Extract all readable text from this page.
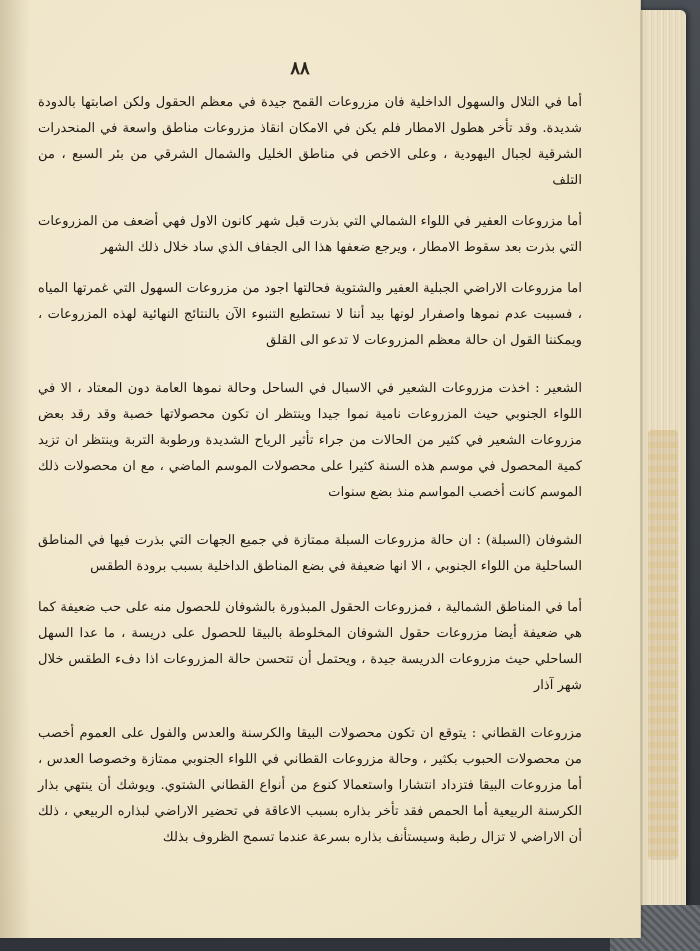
٨٨

أما في التلال والسهول الداخلية فان مزروعات القمح جيدة في معظم الحقول ولكن اصابتها بالدودة شديدة. وقد تأخر هطول الامطار فلم يكن في الامكان انقاذ مزروعات مناطق واسعة في المنحدرات الشرقية لجبال اليهودية ، وعلى الاخص في مناطق الخليل والشمال الشرقي من بئر السبع ، من التلف

أما مزروعات العفير في اللواء الشمالي التي بذرت قبل شهر كانون الاول فهي أضعف من المزروعات التي بذرت بعد سقوط الامطار ، ويرجع ضعفها هذا الى الجفاف الذي ساد خلال ذلك الشهر

اما مزروعات الاراضي الجبلية العفير والشتوية فحالتها اجود من مزروعات السهول التي غمرتها المياه ، فسببت عدم نموها واصفرار لونها بيد أننا لا نستطيع التنبوء الآن بالنتائج النهائية لهذه المزروعات ، ويمكننا القول ان حالة معظم المزروعات لا تدعو الى القلق

الشعير : اخذت مزروعات الشعير في الاسبال في الساحل وحالة نموها العامة دون المعتاد ، الا في اللواء الجنوبي حيث المزروعات نامية نموا جيدا وينتظر ان تكون محصولاتها خصبة وقد رقد بعض مزروعات الشعير في كثير من الحالات من جراء تأثير الرياح الشديدة ورطوبة التربة وينتظر ان تزيد كمية المحصول في موسم هذه السنة كثيرا على محصولات الموسم الماضي ، مع ان محصولات ذلك الموسم كانت أخصب المواسم منذ بضع سنوات

الشوفان (السبلة) : ان حالة مزروعات السبلة ممتازة في جميع الجهات التي بذرت فيها في المناطق الساحلية من اللواء الجنوبي ، الا انها ضعيفة في بضع المناطق الداخلية بسبب برودة الطقس

أما في المناطق الشمالية ، فمزروعات الحقول المبذورة بالشوفان للحصول منه على حب ضعيفة كما هي ضعيفة أيضا مزروعات حقول الشوفان المخلوطة بالبيقا للحصول على دريسة ، ما عدا السهل الساحلي حيث مزروعات الدريسة جيدة ، ويحتمل أن تتحسن حالة المزروعات اذا دفء الطقس خلال شهر آذار

مزروعات القطاني : يتوقع ان تكون محصولات البيقا والكرسنة والعدس والفول على العموم أخصب من محصولات الحبوب بكثير ، وحالة مزروعات القطاني في اللواء الجنوبي ممتازة وخصوصا العدس ، أما مزروعات البيقا فتزداد انتشارا واستعمالا كنوع من أنواع القطاني الشتوي. ويوشك أن ينتهي بذار الكرسنة الربيعية أما الحمص فقد تأخر بذاره بسبب الاعاقة في تحضير الاراضي لبذاره الربيعي ، ذلك أن الاراضي لا تزال رطبة وسيستأنف بذاره بسرعة عندما تسمح الظروف بذلك
